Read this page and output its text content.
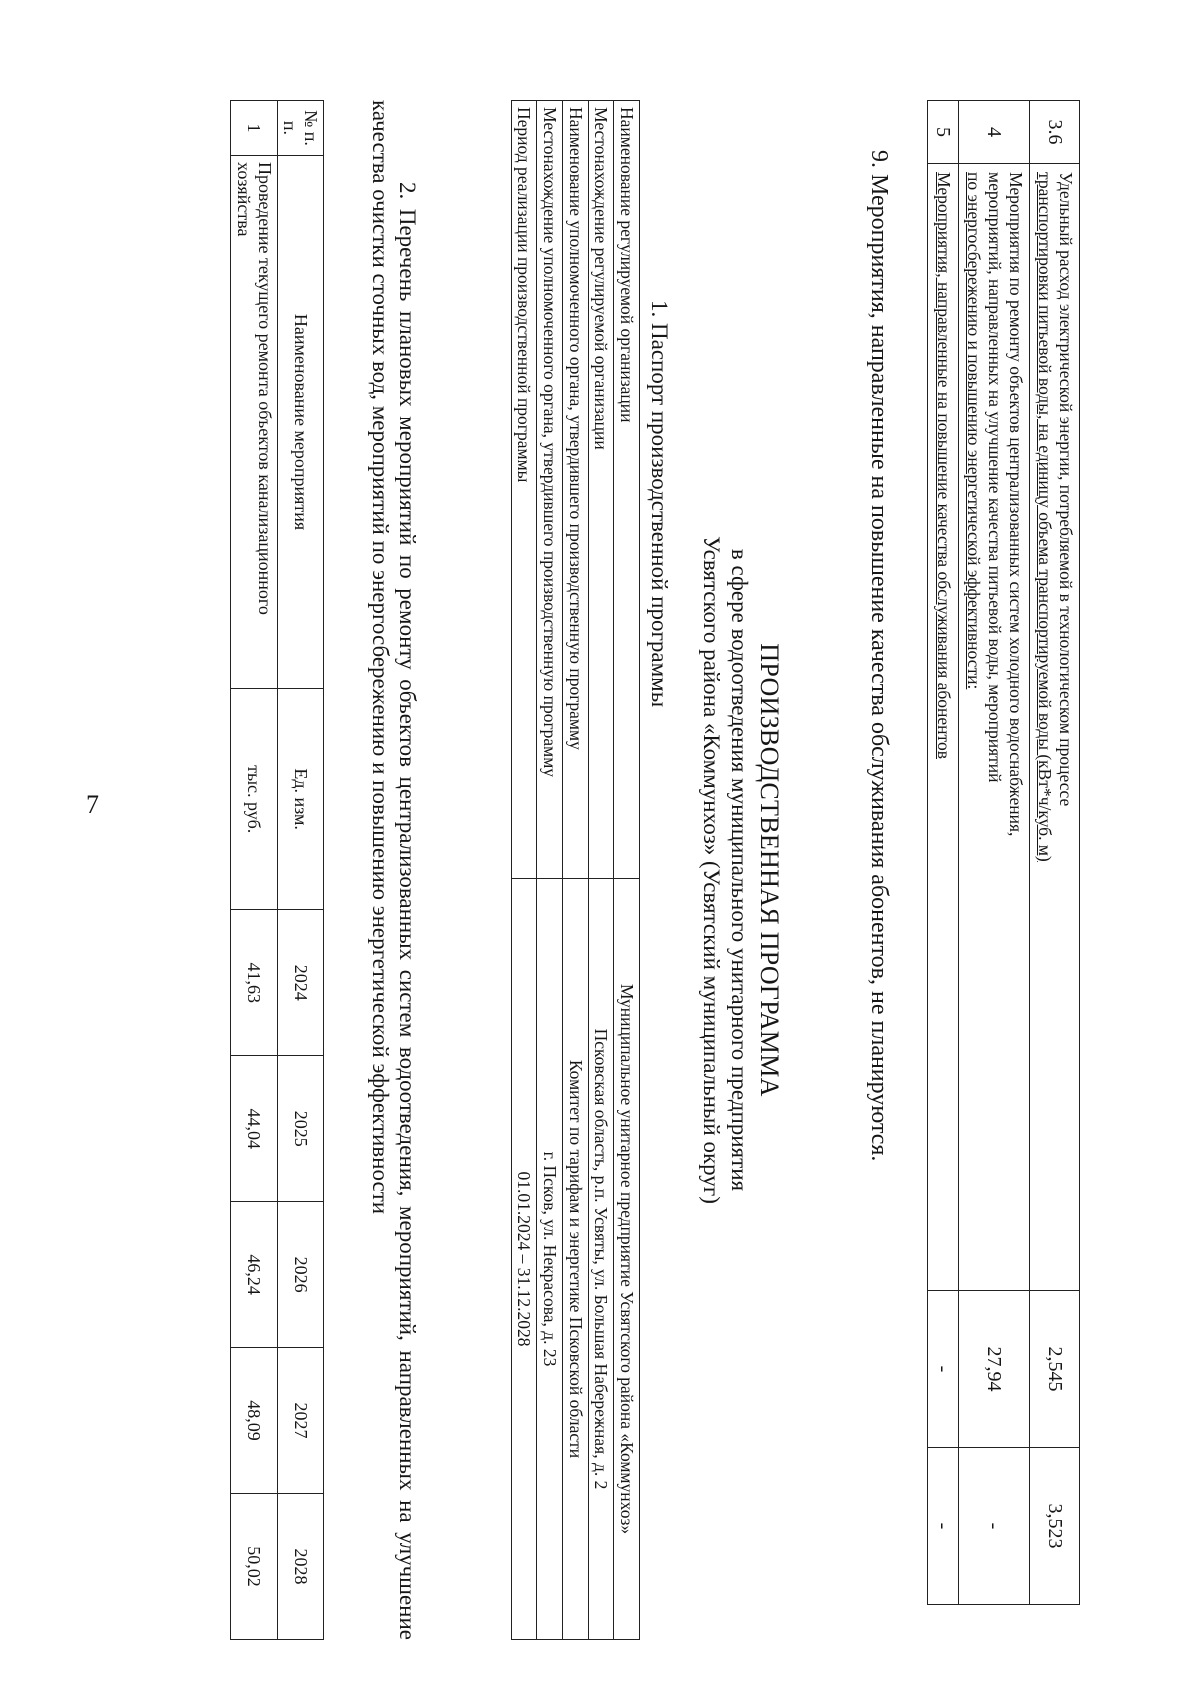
7
3.6	Удельный расход электрической энергии, потребляемой в технологическом процессе
транспортировки питьевой воды, на единицу объема транспортируемой воды (кВт*ч/куб. м)	2,545	3,523
4	Мероприятия по ремонту объектов централизованных систем холодного водоснабжения,
мероприятий, направленных на улучшение качества питьевой воды, мероприятий
по энергосбережению и повышению энергетической эффективности:	27,94	-
5	Мероприятия, направленные на повышение качества обслуживания абонентов	-	-
9. Мероприятия, направленные на повышение качества обслуживания абонентов, не планируются.
ПРОИЗВОДСТВЕННАЯ ПРОГРАММА
в сфере водоотведения муниципального унитарного предприятия
Усвятского района «Коммунхоз» (Усвятский муниципальный округ)
1. Паспорт производственной программы
Наименование регулируемой организации	Муниципальное унитарное предприятие Усвятского района «Коммунхоз»
Местонахождение регулируемой организации	Псковская область, р.п. Усвяты, ул. Большая Набережная, д. 2
Наименование уполномоченного органа, утвердившего производственную программу	Комитет по тарифам и энергетике Псковской области
Местонахождение уполномоченного органа, утвердившего производственную программу	г. Псков, ул. Некрасова, д. 23
Период реализации производственной программы	01.01.2024 – 31.12.2028
2. Перечень плановых мероприятий по ремонту объектов централизованных систем водоотведения, мероприятий, направленных на улучшение качества очистки сточных вод, мероприятий по энергосбережению и повышению энергетической эффективности
№ п. п.	Наименование мероприятия	Ед. изм.	2024	2025	2026	2027	2028
1	Проведение текущего ремонта объектов канализационного хозяйства	тыс. руб.	41,63	44,04	46,24	48,09	50,02
